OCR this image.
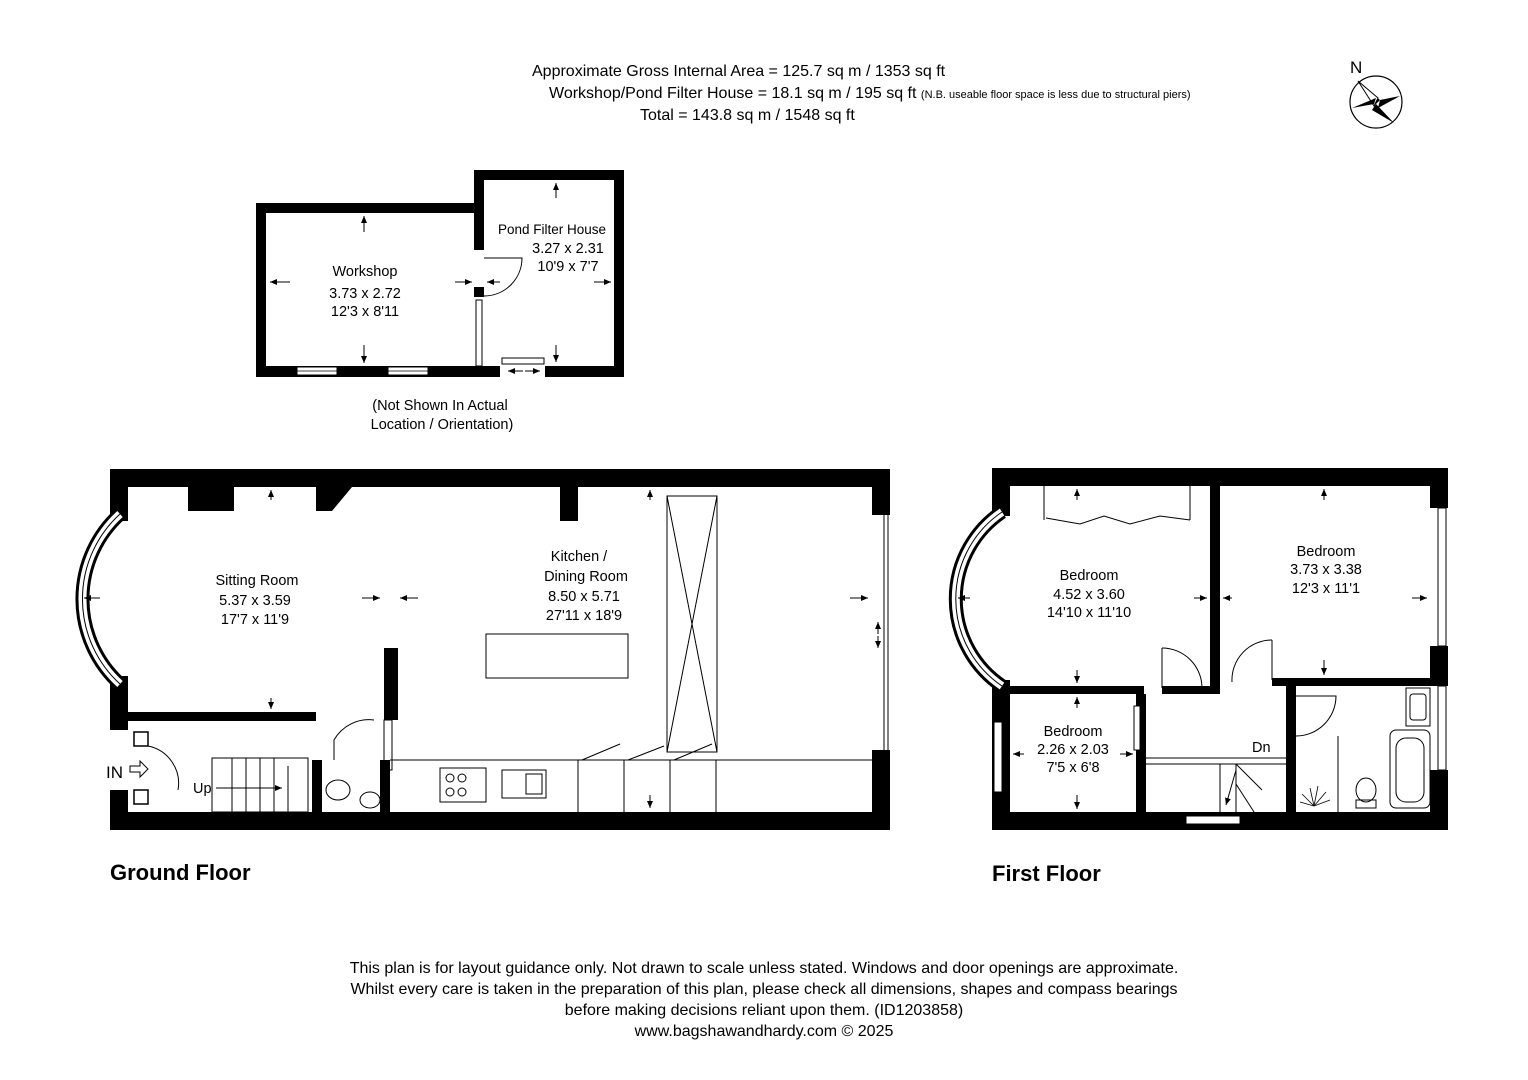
Approximate Gross Internal Area = 125.7 sq m / 1353 sq ft
Workshop/Pond Filter House = 18.1 sq m / 195 sq ft (N.B. useable floor space is less due to structural piers)
Total = 143.8 sq m / 1548 sq ft
N
Workshop
3.73 x 2.72
12'3 x 8'11
Pond Filter House
3.27 x 2.31
10'9 x 7'7
(Not Shown In Actual
Location / Orientation)
IN
Up
Sitting Room
5.37 x 3.59
17'7 x 11'9
Kitchen /
Dining Room
8.50 x 5.71
27'11 x 18'9
Dn
Bedroom
4.52 x 3.60
14'10 x 11'10
Bedroom
3.73 x 3.38
12'3 x 11'1
Bedroom
2.26 x 2.03
7'5 x 6'8
Ground Floor	First Floor
This plan is for layout guidance only. Not drawn to scale unless stated. Windows and door openings are approximate.
Whilst every care is taken in the preparation of this plan, please check all dimensions, shapes and compass bearings
before making decisions reliant upon them. (ID1203858)
www.bagshawandhardy.com © 2025
